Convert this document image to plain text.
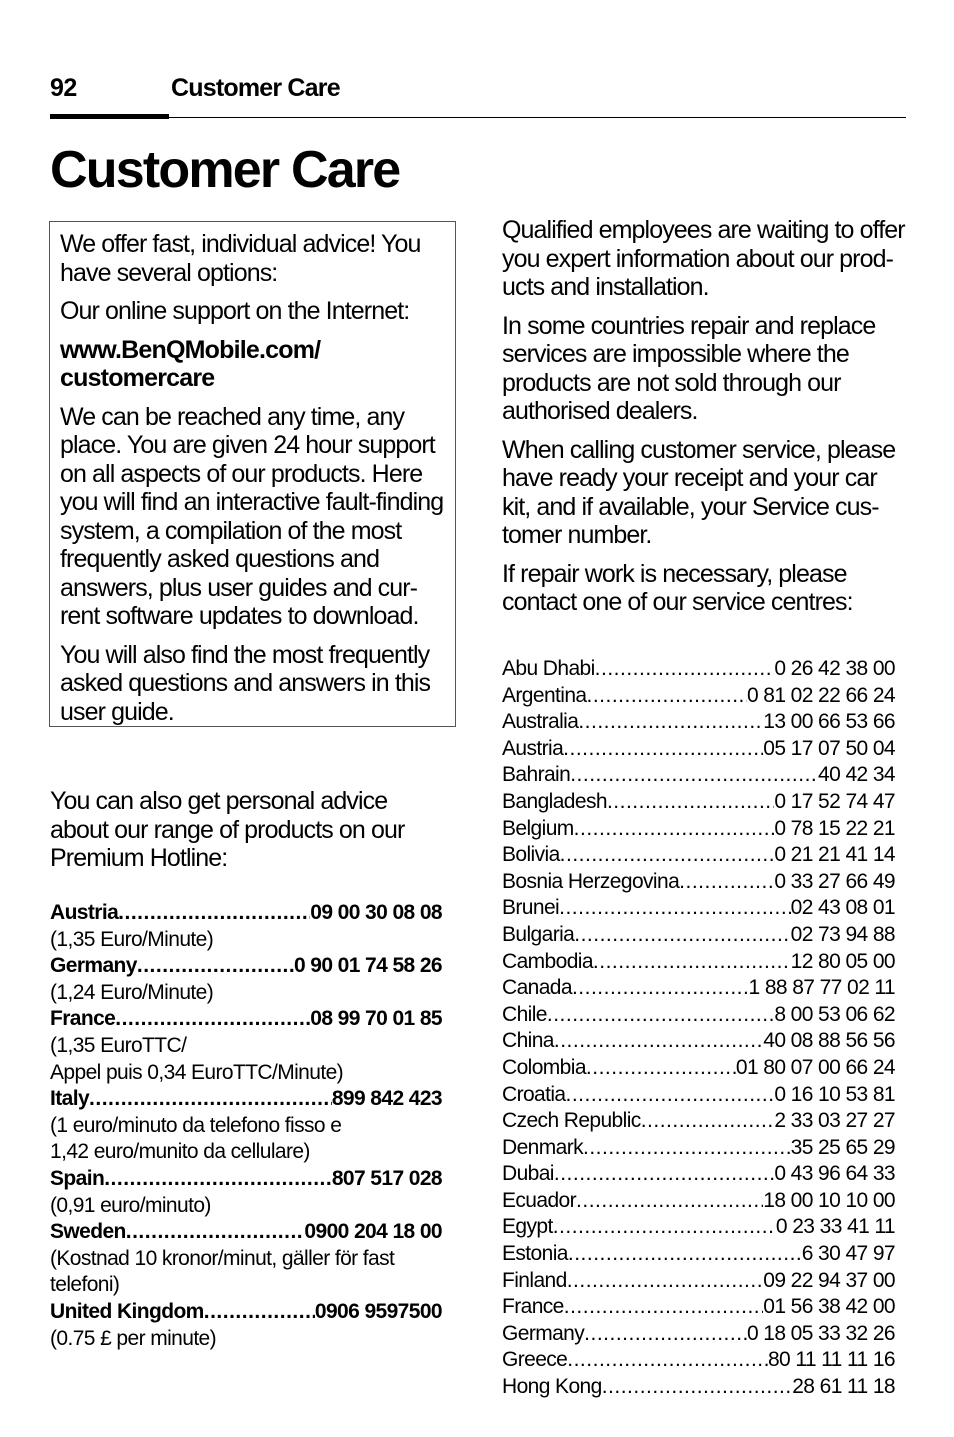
92	Customer Care
Customer Care

We offer fast, individual advice! You have several options:

Our online support on the Internet:

www.BenQMobile.com/ customercare

We can be reached any time, any place. You are given 24 hour support on all aspects of our products. Here you will find an interactive fault-finding system, a compilation of the most frequently asked questions and answers, plus user guides and cur-rent software updates to download.

You will also find the most frequently asked questions and answers in this user guide.

You can also get personal advice about our range of products on our Premium Hotline:

Austria .....	09 00 30 08 08
(1,35 Euro/Minute)
Germany .....	0 90 01 74 58 26
(1,24 Euro/Minute)
France .....	08 99 70 01 85
(1,35 EuroTTC/
Appel puis 0,34 EuroTTC/Minute)
Italy .....	899 842 423
(1 euro/minuto da telefono fisso e
1,42 euro/munito da cellulare)
Spain .....	807 517 028
(0,91 euro/minuto)
Sweden .....	0900 204 18 00
(Kostnad 10 kronor/minut, gäller för fast
telefoni)
United Kingdom .....	0906 9597500
(0.75 £ per minute)

Qualified employees are waiting to offer you expert information about our prod-ucts and installation.

In some countries repair and replace services are impossible where the products are not sold through our authorised dealers.

When calling customer service, please have ready your receipt and your car kit, and if available, your Service cus-tomer number.

If repair work is necessary, please contact one of our service centres:

Abu Dhabi .....	0 26 42 38 00
Argentina .....	0 81 02 22 66 24
Australia .....	13 00 66 53 66
Austria .....	05 17 07 50 04
Bahrain .....	40 42 34
Bangladesh .....	0 17 52 74 47
Belgium .....	0 78 15 22 21
Bolivia .....	0 21 21 41 14
Bosnia Herzegovina .....	0 33 27 66 49
Brunei .....	02 43 08 01
Bulgaria .....	02 73 94 88
Cambodia .....	12 80 05 00
Canada .....	1 88 87 77 02 11
Chile .....	8 00 53 06 62
China .....	40 08 88 56 56
Colombia .....	01 80 07 00 66 24
Croatia .....	0 16 10 53 81
Czech Republic .....	2 33 03 27 27
Denmark .....	35 25 65 29
Dubai .....	0 43 96 64 33
Ecuador .....	18 00 10 10 00
Egypt .....	0 23 33 41 11
Estonia .....	6 30 47 97
Finland .....	09 22 94 37 00
France .....	01 56 38 42 00
Germany .....	0 18 05 33 32 26
Greece .....	80 11 11 11 16
Hong Kong .....	28 61 11 18
